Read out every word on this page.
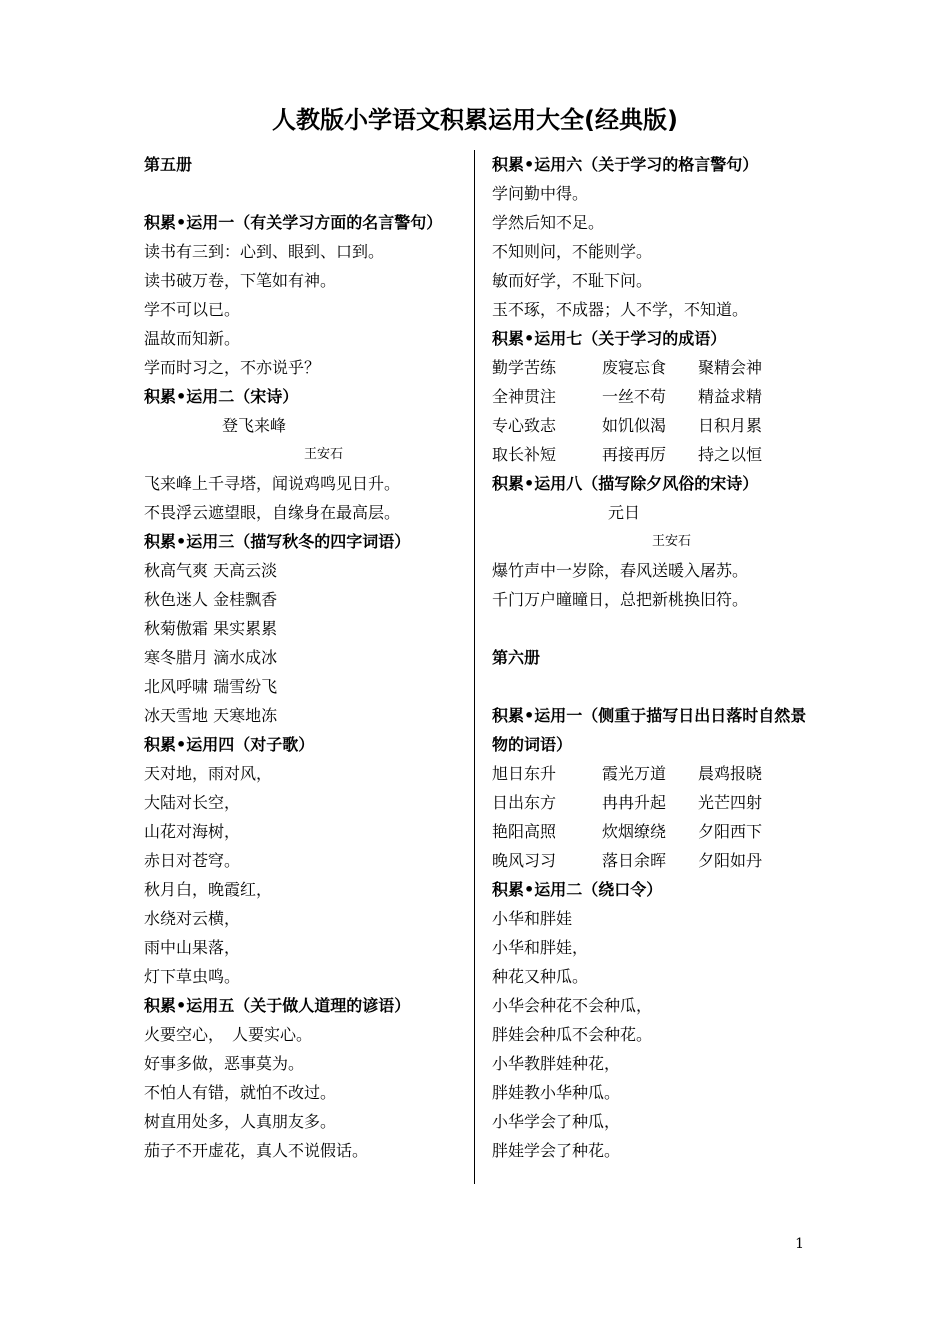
人教版小学语文积累运用大全(经典版)
第五册
积累•运用一（有关学习方面的名言警句）
读书有三到：心到、眼到、口到。
读书破万卷，下笔如有神。
学不可以已。
温故而知新。
学而时习之，不亦说乎？
积累•运用二（宋诗）
登飞来峰
王安石
飞来峰上千寻塔，闻说鸡鸣见日升。
不畏浮云遮望眼，自缘身在最高层。
积累•运用三（描写秋冬的四字词语）
秋高气爽 天高云淡
秋色迷人 金桂飘香
秋菊傲霜 果实累累
寒冬腊月 滴水成冰
北风呼啸 瑞雪纷飞
冰天雪地 天寒地冻
积累•运用四（对子歌）
天对地，雨对风，
大陆对长空，
山花对海树，
赤日对苍穹。
秋月白，晚霞红，
水绕对云横，
雨中山果落，
灯下草虫鸣。
积累•运用五（关于做人道理的谚语）
火要空心，　人要实心。
好事多做，恶事莫为。
不怕人有错，就怕不改过。
树直用处多，人真朋友多。
茄子不开虚花，真人不说假话。
积累•运用六（关于学习的格言警句）
学问勤中得。
学然后知不足。
不知则问，不能则学。
敏而好学，不耻下问。
玉不琢，不成器；人不学，不知道。
积累•运用七（关于学习的成语）
勤学苦练	废寝忘食 聚精会神
全神贯注	一丝不苟 精益求精
专心致志	如饥似渴 日积月累
取长补短	再接再厉 持之以恒
积累•运用八（描写除夕风俗的宋诗）
元日
王安石
爆竹声中一岁除，春风送暖入屠苏。
千门万户曈曈日，总把新桃换旧符。
第六册
积累•运用一（侧重于描写日出日落时自然景物的词语）
旭日东升	霞光万道 晨鸡报晓
日出东方	冉冉升起 光芒四射
艳阳高照	炊烟缭绕 夕阳西下
晚风习习	落日余晖 夕阳如丹
积累•运用二（绕口令）
小华和胖娃
小华和胖娃，
种花又种瓜。
小华会种花不会种瓜，
胖娃会种瓜不会种花。
小华教胖娃种花，
胖娃教小华种瓜。
小华学会了种瓜，
胖娃学会了种花。
1
